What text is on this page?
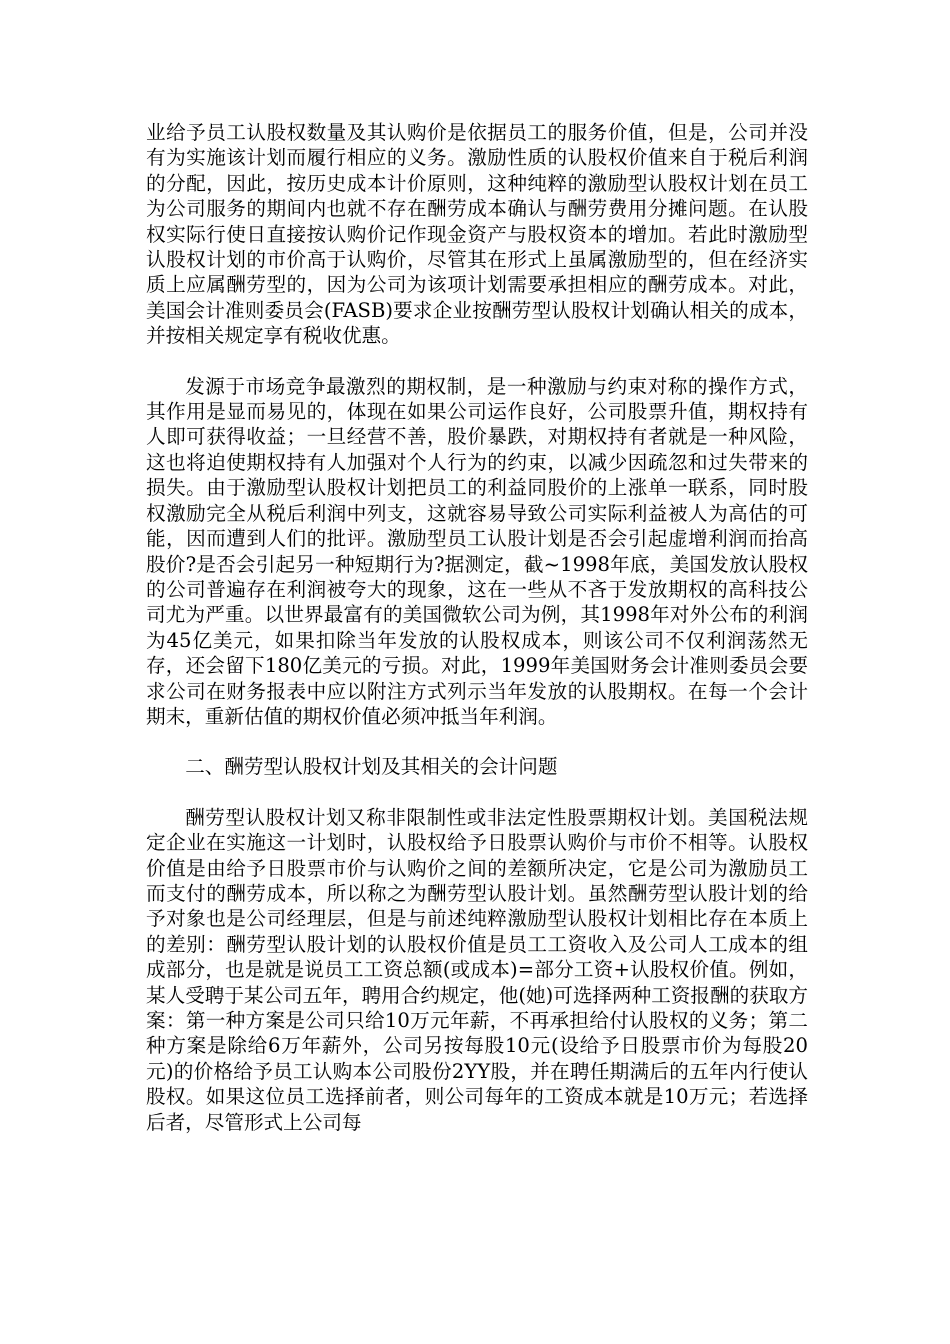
业给予员工认股权数量及其认购价是依据员工的服务价值，但是，公司并没有为实施该计划而履行相应的义务。激励性质的认股权价值来自于税后利润的分配，因此，按历史成本计价原则，这种纯粹的激励型认股权计划在员工为公司服务的期间内也就不存在酬劳成本确认与酬劳费用分摊问题。在认股权实际行使日直接按认购价记作现金资产与股权资本的增加。若此时激励型认股权计划的市价高于认购价，尽管其在形式上虽属激励型的，但在经济实质上应属酬劳型的，因为公司为该项计划需要承担相应的酬劳成本。对此，美国会计准则委员会(FASB)要求企业按酬劳型认股权计划确认相关的成本，并按相关规定享有税收优惠。

发源于市场竞争最激烈的期权制，是一种激励与约束对称的操作方式，其作用是显而易见的，体现在如果公司运作良好，公司股票升值，期权持有人即可获得收益；一旦经营不善，股价暴跌，对期权持有者就是一种风险，这也将迫使期权持有人加强对个人行为的约束，以减少因疏忽和过失带来的损失。由于激励型认股权计划把员工的利益同股价的上涨单一联系，同时股权激励完全从税后利润中列支，这就容易导致公司实际利益被人为高估的可能，因而遭到人们的批评。激励型员工认股计划是否会引起虚增利润而抬高股价?是否会引起另一种短期行为?据测定，截~1998年底，美国发放认股权的公司普遍存在利润被夸大的现象，这在一些从不吝于发放期权的高科技公司尤为严重。以世界最富有的美国微软公司为例，其1998年对外公布的利润为45亿美元，如果扣除当年发放的认股权成本，则该公司不仅利润荡然无存，还会留下180亿美元的亏损。对此，1999年美国财务会计准则委员会要求公司在财务报表中应以附注方式列示当年发放的认股期权。在每一个会计期末，重新估值的期权价值必须冲抵当年利润。

二、酬劳型认股权计划及其相关的会计问题

酬劳型认股权计划又称非限制性或非法定性股票期权计划。美国税法规定企业在实施这一计划时，认股权给予日股票认购价与市价不相等。认股权价值是由给予日股票市价与认购价之间的差额所决定，它是公司为激励员工而支付的酬劳成本，所以称之为酬劳型认股计划。虽然酬劳型认股计划的给予对象也是公司经理层，但是与前述纯粹激励型认股权计划相比存在本质上的差别：酬劳型认股计划的认股权价值是员工工资收入及公司人工成本的组成部分，也是就是说员工工资总额(或成本)=部分工资+认股权价值。例如，某人受聘于某公司五年，聘用合约规定，他(她)可选择两种工资报酬的获取方案：第一种方案是公司只给10万元年薪，不再承担给付认股权的义务；第二种方案是除给6万年薪外，公司另按每股10元(设给予日股票市价为每股20元)的价格给予员工认购本公司股份2YY股，并在聘任期满后的五年内行使认股权。如果这位员工选择前者，则公司每年的工资成本就是10万元；若选择后者，尽管形式上公司每
